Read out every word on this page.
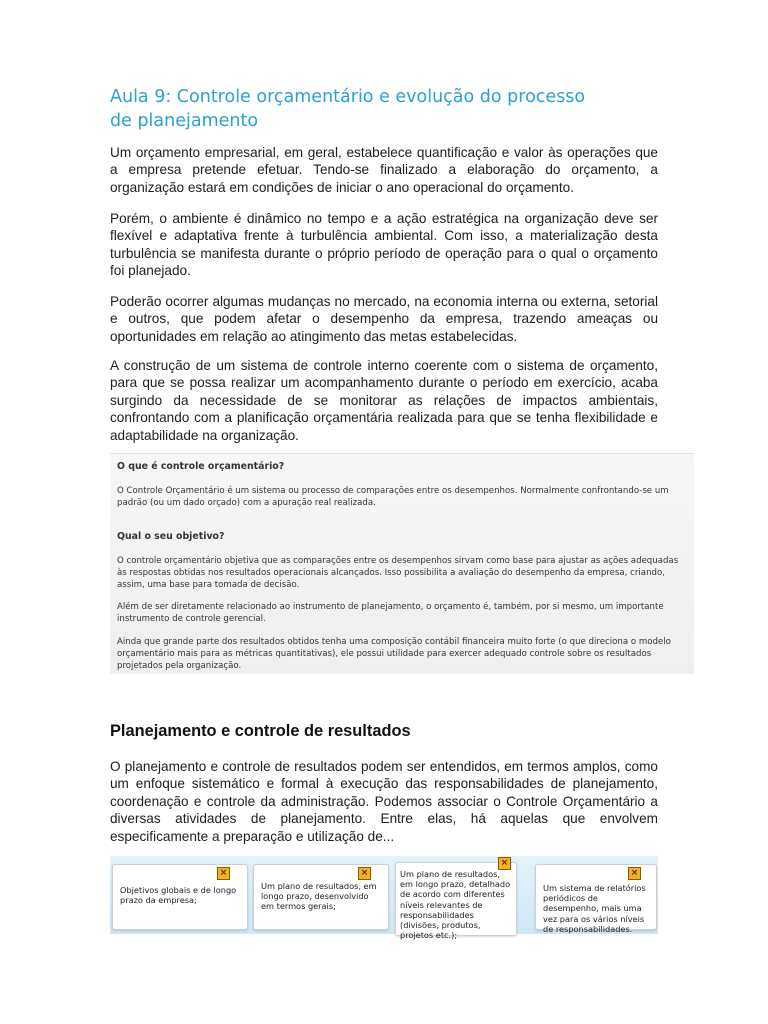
Aula 9: Controle orçamentário e evolução do processo de planejamento

Um orçamento empresarial, em geral, estabelece quantificação e valor às operações que a empresa pretende efetuar. Tendo-se finalizado a elaboração do orçamento, a organização estará em condições de iniciar o ano operacional do orçamento.

Porém, o ambiente é dinâmico no tempo e a ação estratégica na organização deve ser flexível e adaptativa frente à turbulência ambiental. Com isso, a materialização desta turbulência se manifesta durante o próprio período de operação para o qual o orçamento foi planejado.

Poderão ocorrer algumas mudanças no mercado, na economia interna ou externa, setorial e outros, que podem afetar o desempenho da empresa, trazendo ameaças ou oportunidades em relação ao atingimento das metas estabelecidas.

A construção de um sistema de controle interno coerente com o sistema de orçamento, para que se possa realizar um acompanhamento durante o período em exercício, acaba surgindo da necessidade de se monitorar as relações de impactos ambientais, confrontando com a planificação orçamentária realizada para que se tenha flexibilidade e adaptabilidade na organização.

O que é controle orçamentário?

O Controle Orçamentário é um sistema ou processo de comparações entre os desempenhos. Normalmente confrontando-se um padrão (ou um dado orçado) com a apuração real realizada.

Qual o seu objetivo?

O controle orçamentário objetiva que as comparações entre os desempenhos sirvam como base para ajustar as ações adequadas às respostas obtidas nos resultados operacionais alcançados. Isso possibilita a avaliação do desempenho da empresa, criando, assim, uma base para tomada de decisão.

Além de ser diretamente relacionado ao instrumento de planejamento, o orçamento é, também, por si mesmo, um importante instrumento de controle gerencial.

Ainda que grande parte dos resultados obtidos tenha uma composição contábil financeira muito forte (o que direciona o modelo orçamentário mais para as métricas quantitativas), ele possui utilidade para exercer adequado controle sobre os resultados projetados pela organização.

Planejamento e controle de resultados

O planejamento e controle de resultados podem ser entendidos, em termos amplos, como um enfoque sistemático e formal à execução das responsabilidades de planejamento, coordenação e controle da administração. Podemos associar o Controle Orçamentário a diversas atividades de planejamento. Entre elas, há aquelas que envolvem especificamente a preparação e utilização de...

×

Objetivos globais e de longo prazo da empresa;

×

Um plano de resultados, em longo prazo, desenvolvido em termos gerais;

×

Um plano de resultados, em longo prazo, detalhado de acordo com diferentes níveis relevantes de responsabilidades (divisões, produtos, projetos etc.);

×

Um sistema de relatórios periódicos de desempenho, mais uma vez para os vários níveis de responsabilidades.
